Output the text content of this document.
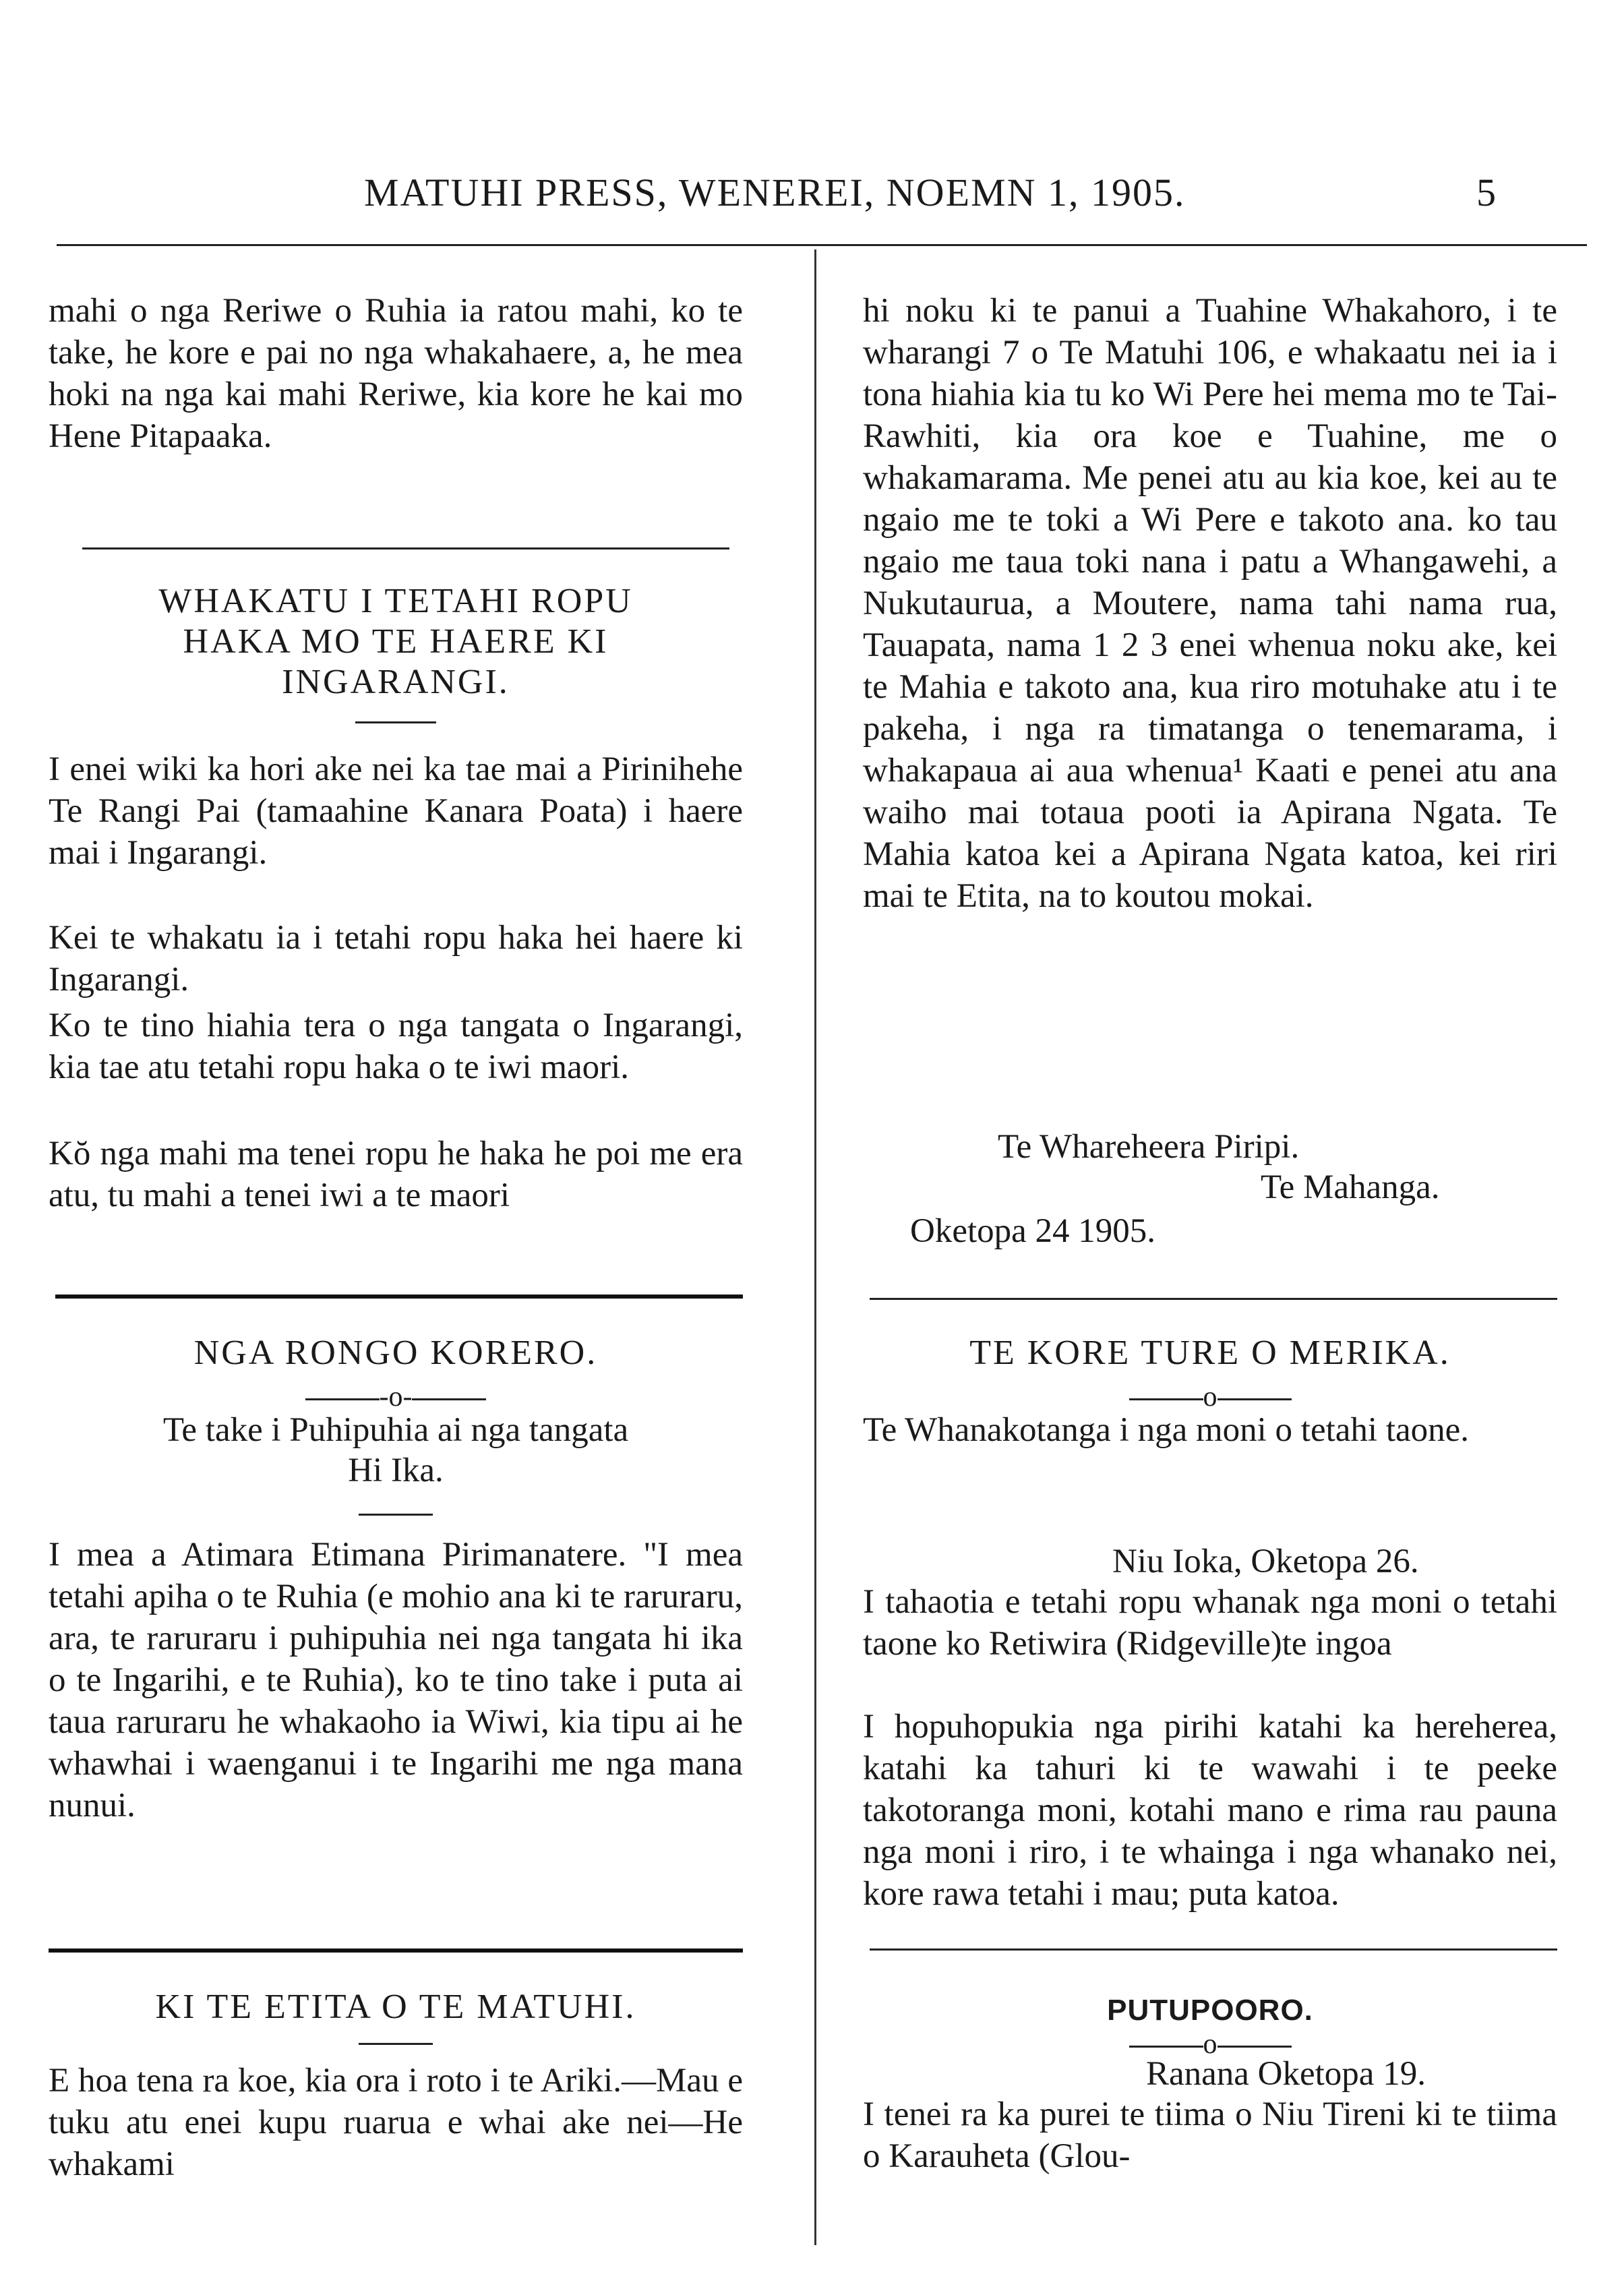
MATUHI PRESS, WENEREI, NOEMN 1, 1905.	5
mahi o nga Reriwe o Ruhia ia ratou mahi, ko te take, he kore e pai no nga whakahaere, a, he mea hoki na nga kai mahi Reriwe, kia kore he kai mo Hene Pitapaaka.
WHAKATU I TETAHI ROPU
HAKA MO TE HAERE KI
INGARANGI.
I enei wiki ka hori ake nei ka tae mai a Pirinihehe Te Rangi Pai (tamaahine Kanara Poata) i haere mai i Ingarangi.
Kei te whakatu ia i tetahi ropu haka hei haere ki Ingarangi.
Ko te tino hiahia tera o nga tangata o Ingarangi, kia tae atu tetahi ropu haka o te iwi maori.
Kŏ nga mahi ma tenei ropu he haka he poi me era atu, tu mahi a tenei iwi a te maori
NGA RONGO KORERO.
-o-
Te take i Puhipuhia ai nga tangata
Hi Ika.
I mea a Atimara Etimana Pirimanatere. "I mea tetahi apiha o te Ruhia (e mohio ana ki te raruraru, ara, te raruraru i puhipuhia nei nga tangata hi ika o te Ingarihi, e te Ruhia), ko te tino take i puta ai taua raruraru he whakaoho ia Wiwi, kia tipu ai he whawhai i waenganui i te Ingarihi me nga mana nunui.
KI TE ETITA O TE MATUHI.
E hoa tena ra koe, kia ora i roto i te Ariki.—Mau e tuku atu enei kupu ruarua e whai ake nei—He whakami
hi noku ki te panui a Tuahine Whakahoro, i te wharangi 7 o Te Matuhi 106, e whakaatu nei ia i tona hiahia kia tu ko Wi Pere hei mema mo te Tai-Rawhiti, kia ora koe e Tuahine, me o whakamarama. Me penei atu au kia koe, kei au te ngaio me te toki a Wi Pere e takoto ana. ko tau ngaio me taua toki nana i patu a Whangawehi, a Nukutaurua, a Moutere, nama tahi nama rua, Tauapata, nama 1 2 3 enei whenua noku ake, kei te Mahia e takoto ana, kua riro motuhake atu i te pakeha, i nga ra timatanga o tenemarama, i whakapaua ai aua whenua¹ Kaati e penei atu ana waiho mai totaua pooti ia Apirana Ngata. Te Mahia katoa kei a Apirana Ngata katoa, kei riri mai te Etita, na to koutou mokai.
Te Whareheera Piripi.
Te Mahanga.
Oketopa 24 1905.
TE KORE TURE O MERIKA.
o
Te Whanakotanga i nga moni o tetahi taone.
Niu Ioka, Oketopa 26.
I tahaotia e tetahi ropu whanak nga moni o tetahi taone ko Retiwira (Ridgeville)te ingoa
I hopuhopukia nga pirihi katahi ka hereherea, katahi ka tahuri ki te wawahi i te peeke takotoranga moni, kotahi mano e rima rau pauna nga moni i riro, i te whainga i nga whanako nei, kore rawa tetahi i mau; puta katoa.
PUTUPOORO.
o
Ranana Oketopa 19.
I tenei ra ka purei te tiima o Niu Tireni ki te tiima o Karauheta (Glou-
